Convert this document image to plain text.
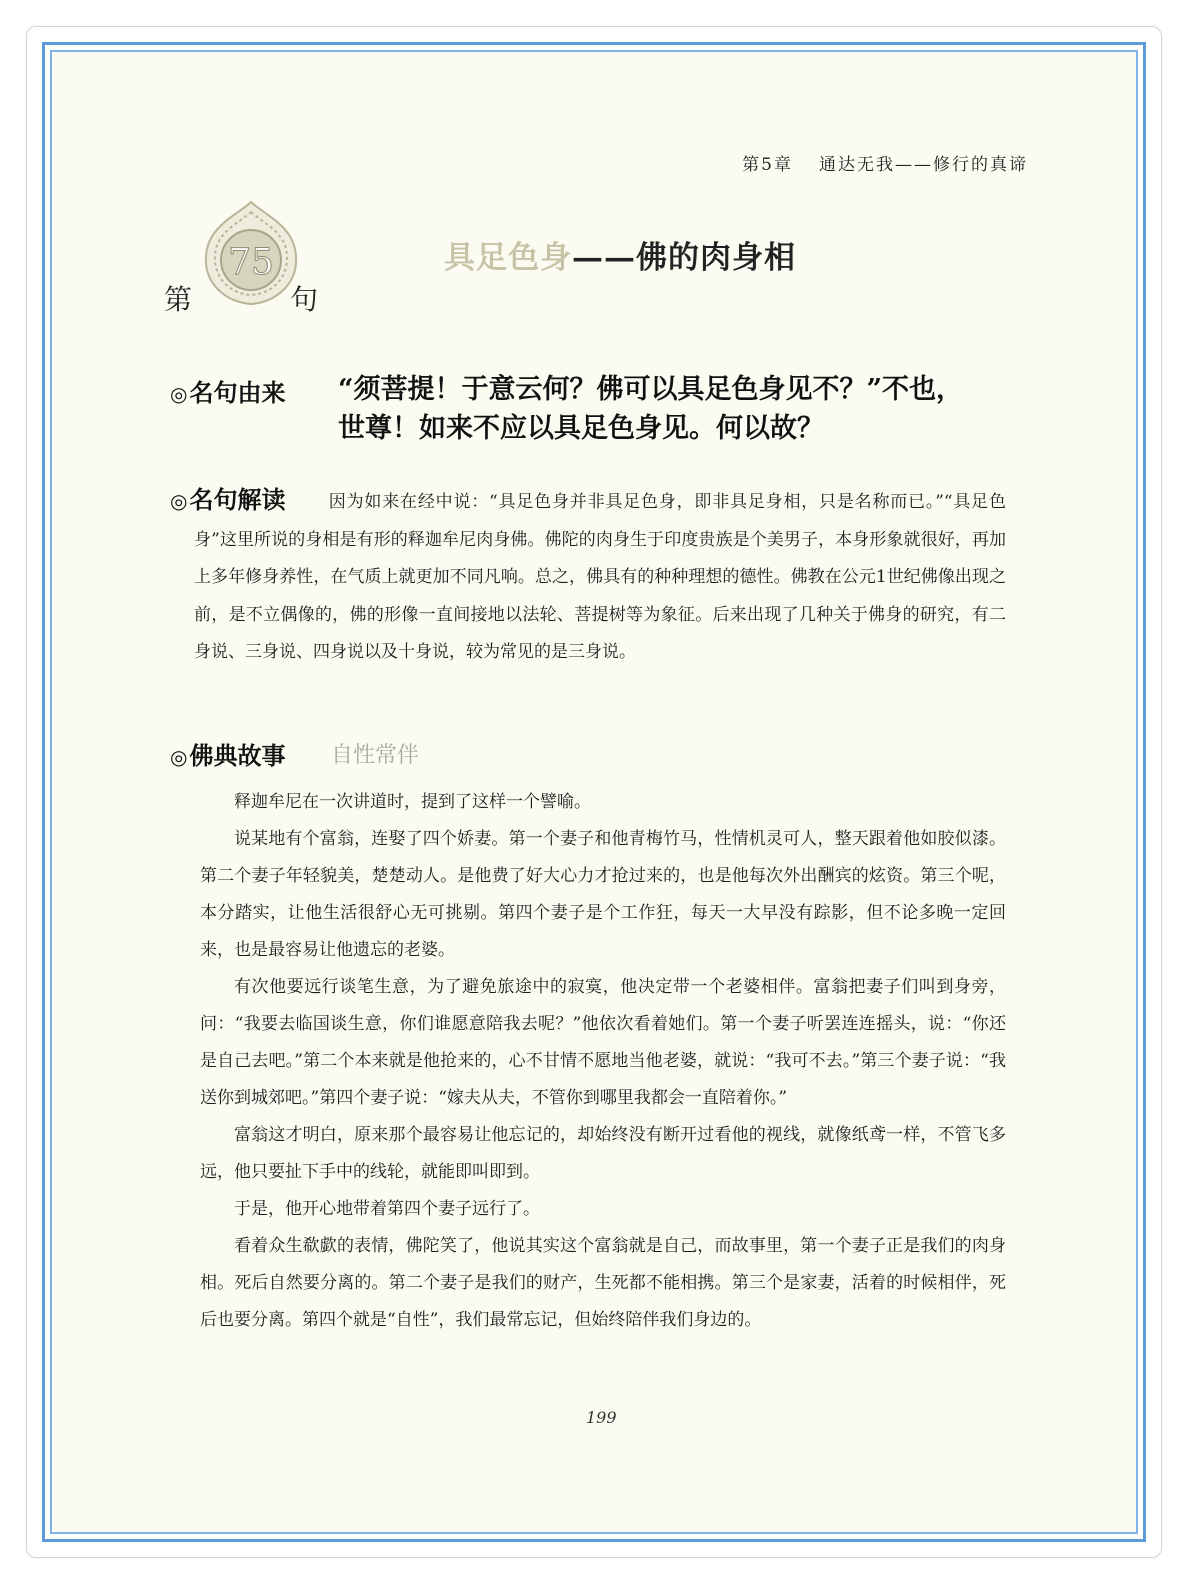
第5章 通达无我——修行的真谛
75
第	句
具足色身——佛的肉身相
◎名句由来 “须菩提！于意云何？佛可以具足色身见不？”不也，
世尊！如来不应以具足色身见。何以故？
◎名句解读	因为如来在经中说：“具足色身并非具足色身，即非具足身相，只是名称而已。”“具足色身”这里所说的身相是有形的释迦牟尼肉身佛。佛陀的肉身生于印度贵族是个美男子，本身形象就很好，再加上多年修身养性，在气质上就更加不同凡响。总之，佛具有的种种理想的德性。佛教在公元1世纪佛像出现之前，是不立偶像的，佛的形像一直间接地以法轮、菩提树等为象征。后来出现了几种关于佛身的研究，有二身说、三身说、四身说以及十身说，较为常见的是三身说。
◎佛典故事 自性常伴

释迦牟尼在一次讲道时，提到了这样一个譬喻。

说某地有个富翁，连娶了四个娇妻。第一个妻子和他青梅竹马，性情机灵可人，整天跟着他如胶似漆。第二个妻子年轻貌美，楚楚动人。是他费了好大心力才抢过来的，也是他每次外出酬宾的炫资。第三个呢，本分踏实，让他生活很舒心无可挑剔。第四个妻子是个工作狂，每天一大早没有踪影，但不论多晚一定回来，也是最容易让他遗忘的老婆。

有次他要远行谈笔生意，为了避免旅途中的寂寞，他决定带一个老婆相伴。富翁把妻子们叫到身旁，问：“我要去临国谈生意，你们谁愿意陪我去呢？”他依次看着她们。第一个妻子听罢连连摇头，说：“你还是自己去吧。”第二个本来就是他抢来的，心不甘情不愿地当他老婆，就说：“我可不去。”第三个妻子说：“我送你到城郊吧。”第四个妻子说：“嫁夫从夫，不管你到哪里我都会一直陪着你。”

富翁这才明白，原来那个最容易让他忘记的，却始终没有断开过看他的视线，就像纸鸢一样，不管飞多远，他只要扯下手中的线轮，就能即叫即到。

于是，他开心地带着第四个妻子远行了。

看着众生欷歔的表情，佛陀笑了，他说其实这个富翁就是自己，而故事里，第一个妻子正是我们的肉身相。死后自然要分离的。第二个妻子是我们的财产，生死都不能相携。第三个是家妻，活着的时候相伴，死后也要分离。第四个就是“自性”，我们最常忘记，但始终陪伴我们身边的。

199
